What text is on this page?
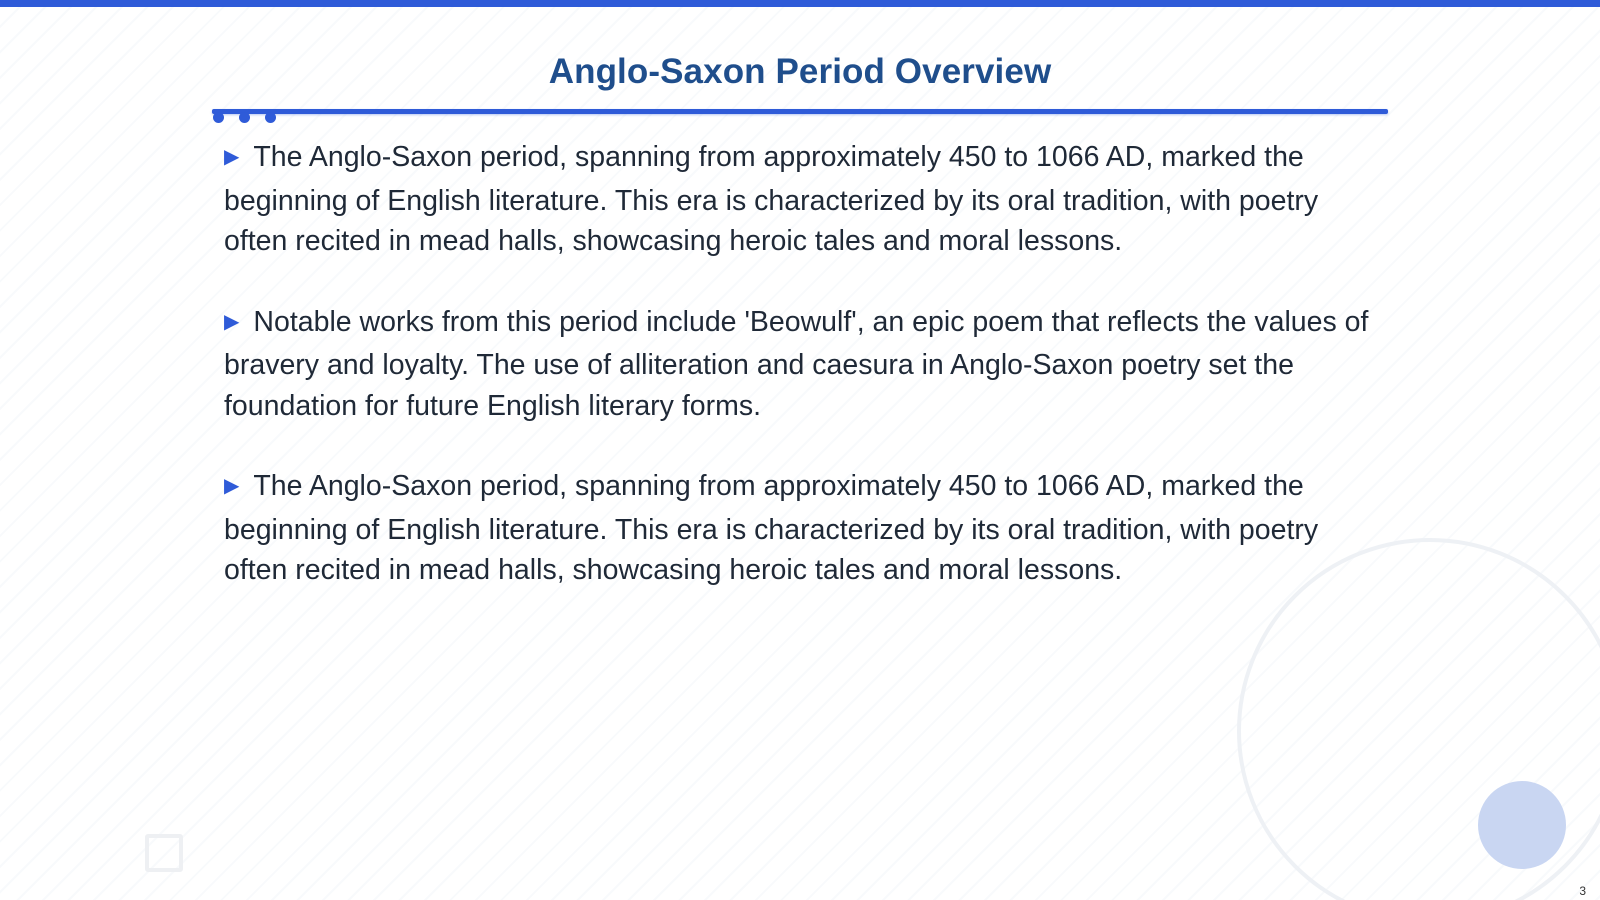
Anglo-Saxon Period Overview

▶ The Anglo-Saxon period, spanning from approximately 450 to 1066 AD, marked the beginning of English literature. This era is characterized by its oral tradition, with poetry often recited in mead halls, showcasing heroic tales and moral lessons.

▶ Notable works from this period include 'Beowulf', an epic poem that reflects the values of bravery and loyalty. The use of alliteration and caesura in Anglo-Saxon poetry set the foundation for future English literary forms.

▶ The Anglo-Saxon period, spanning from approximately 450 to 1066 AD, marked the beginning of English literature. This era is characterized by its oral tradition, with poetry often recited in mead halls, showcasing heroic tales and moral lessons.

3
